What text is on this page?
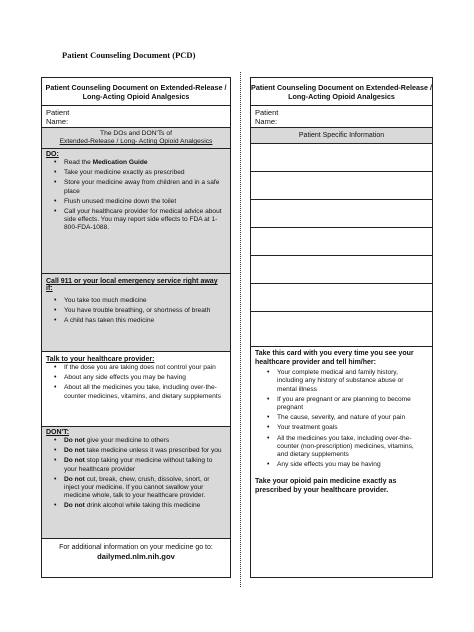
Patient Counseling Document (PCD)
Patient Counseling Document on Extended-Release / Long-Acting Opioid Analgesics
Patient
Name:
The DOs and DON'Ts of
Extended-Release / Long- Acting Opioid Analgesics
DO:
• Read the Medication Guide
• Take your medicine exactly as prescribed
• Store your medicine away from children and in a safe place
• Flush unused medicine down the toilet
• Call your healthcare provider for medical advice about side effects. You may report side effects to FDA at 1-800-FDA-1088.
Call 911 or your local emergency service right away if:
• You take too much medicine
• You have trouble breathing, or shortness of breath
• A child has taken this medicine
Talk to your healthcare provider:
• If the dose you are taking does not control your pain
• About any side effects you may be having
• About all the medicines you take, including over-the-counter medicines, vitamins, and dietary supplements
DON'T:
• Do not give your medicine to others
• Do not take medicine unless it was prescribed for you
• Do not stop taking your medicine without talking to your healthcare provider
• Do not cut, break, chew, crush, dissolve, snort, or inject your medicine. If you cannot swallow your medicine whole, talk to your healthcare provider.
• Do not drink alcohol while taking this medicine
For additional information on your medicine go to:
dailymed.nlm.nih.gov
Patient Counseling Document on Extended-Release / Long-Acting Opioid Analgesics
Patient
Name:
Patient Specific Information
Take this card with you every time you see your healthcare provider and tell him/her:
• Your complete medical and family history, including any history of substance abuse or mental illness
• If you are pregnant or are planning to become pregnant
• The cause, severity, and nature of your pain
• Your treatment goals
• All the medicines you take, including over-the-counter (non-prescription) medicines, vitamins, and dietary supplements
• Any side effects you may be having
Take your opioid pain medicine exactly as prescribed by your healthcare provider.
